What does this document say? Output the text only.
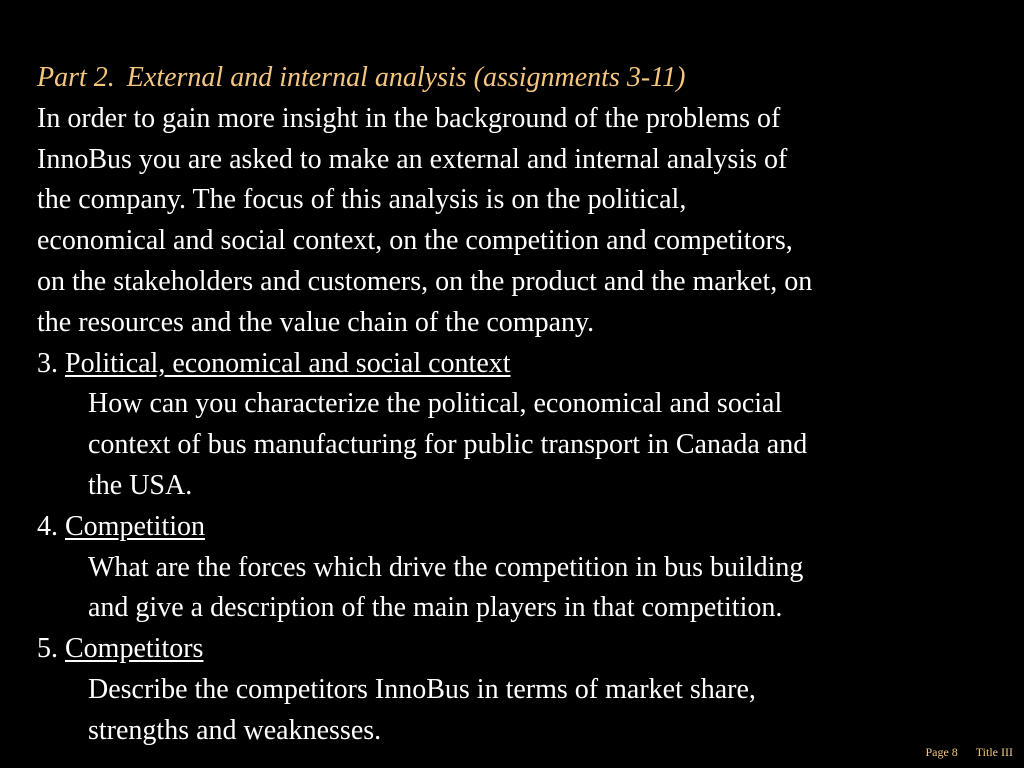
Part 2. External and internal analysis (assignments 3-11)
In order to gain more insight in the background of the problems of
InnoBus you are asked to make an external and internal analysis of
the company. The focus of this analysis is on the political,
economical and social context, on the competition and competitors,
on the stakeholders and customers, on the product and the market, on
the resources and the value chain of the company.
3. Political, economical and social context
How can you characterize the political, economical and social
context of bus manufacturing for public transport in Canada and
the USA.
4. Competition
What are the forces which drive the competition in bus building
and give a description of the main players in that competition.
5. Competitors
Describe the competitors InnoBus in terms of market share,
strengths and weaknesses.
Page 8 Title III
